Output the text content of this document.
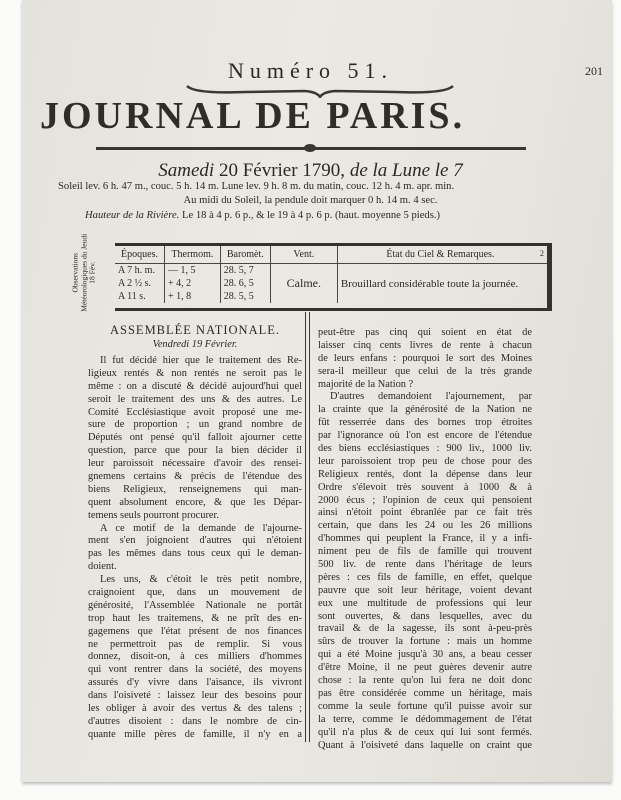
Numéro 51.	201
JOURNAL DE PARIS.
Samedi 20 Février 1790, de la Lune le 7
Soleil lev. 6 h. 47 m., couc. 5 h. 14 m. Lune lev. 9 h. 8 m. du matin, couc. 12 h. 4 m. apr. min.
Au midi du Soleil, la pendule doit marquer 0 h. 14 m. 4 sec.
Hauteur de la Rivière. Le 18 à 4 p. 6 p., & le 19 à 4 p. 6 p. (haut. moyenne 5 pieds.)
Observations Météorologiques du Jeudi 18 Fév.
Époques.	Thermom.	Baromèt.	Vent.	État du Ciel & Remarques. 2

A 7 h. m.	— 1, 5	28. 5, 7	Calme.	Brouillard considérable toute la journée.
A 2 ½ s.	+ 4, 2	28. 6, 5		
A 11 s.	+ 1, 8	28. 5, 5		
ASSEMBLÉE NATIONALE.
Vendredi 19 Février.
Il fut décidé hier que le traitement des Re-
ligieux rentés & non rentés ne seroit pas le
même : on a discuté & décidé aujourd'hui quel
seroit le traitement des uns & des autres. Le
Comité Ecclésiastique avoit proposé une me-
sure de proportion ; un grand nombre de
Députés ont pensé qu'il falloit ajourner cette
question, parce que pour la bien décider il
leur paroissoit nécessaire d'avoir des rensei-
gnemens certains & précis de l'étendue des
biens Religieux, renseignemens qui man-
quent absolument encore, & que les Dépar-
temens seuls pourront procurer.
A ce motif de la demande de l'ajourne-
ment s'en joignoient d'autres qui n'étoient
pas les mêmes dans tous ceux qui le deman-
doient.
Les uns, & c'étoit le très petit nombre,
craignoient que, dans un mouvement de
générosité, l'Assemblée Nationale ne portât
trop haut les traitemens, & ne prît des en-
gagemens que l'état présent de nos finances
ne permettroit pas de remplir. Si vous
donnez, disoit-on, à ces milliers d'hommes
qui vont rentrer dans la société, des moyens
assurés d'y vivre dans l'aisance, ils vivront
dans l'oisiveté : laissez leur des besoins pour
les obliger à avoir des vertus & des talens ;
d'autres disoient : dans le nombre de cin-
quante mille pères de famille, il n'y en a
peut-être pas cinq qui soient en état de
laisser cinq cents livres de rente à chacun
de leurs enfans : pourquoi le sort des Moines
sera-il meilleur que celui de la très grande
majorité de la Nation ?
D'autres demandoient l'ajournement, par
la crainte que la générosité de la Nation ne
fût resserrée dans des bornes trop étroites
par l'ignorance où l'on est encore de l'étendue
des biens ecclésiastiques : 900 liv., 1000 liv.
leur paroissoient trop peu de chose pour des
Religieux rentés, dont la dépense dans leur
Ordre s'élevoit très souvent à 1000 & à
2000 écus ; l'opinion de ceux qui pensoient
ainsi n'étoit point ébranlée par ce fait très
certain, que dans les 24 ou les 26 millions
d'hommes qui peuplent la France, il y a infi-
niment peu de fils de famille qui trouvent
500 liv. de rente dans l'héritage de leurs
pères : ces fils de famille, en effet, quelque
pauvre que soit leur héritage, voient devant
eux une multitude de professions qui leur
sont ouvertes, & dans lesquelles, avec du
travail & de la sagesse, ils sont à-peu-près
sûrs de trouver la fortune : mais un homme
qui a été Moine jusqu'à 30 ans, a beau cesser
d'être Moine, il ne peut guères devenir autre
chose : la rente qu'on lui fera ne doit donc
pas être considérée comme un héritage, mais
comme la seule fortune qu'il puisse avoir sur
la terre, comme le dédommagement de l'état
qu'il n'a plus & de ceux qui lui sont fermés.
Quant à l'oisiveté dans laquelle on craint que
